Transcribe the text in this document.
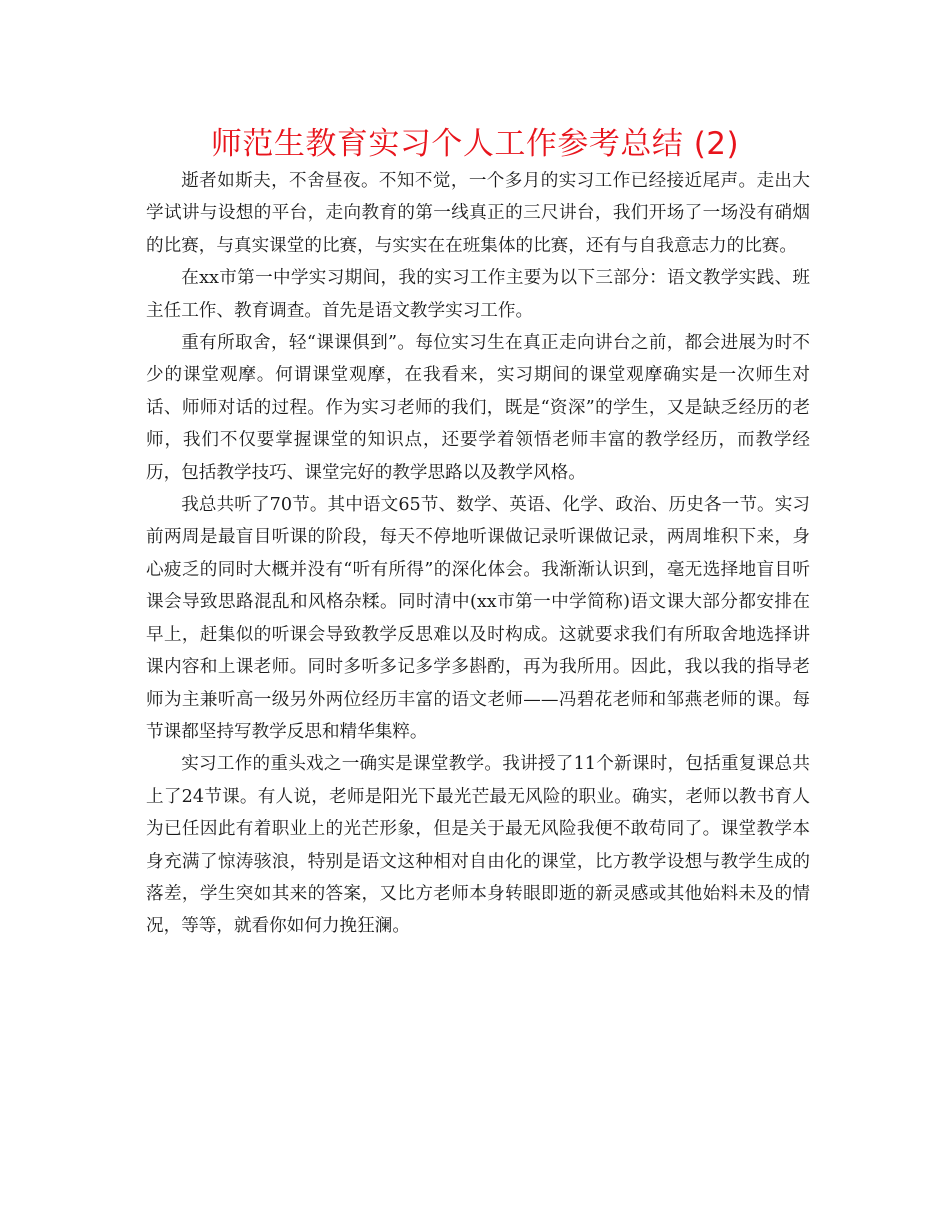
师范生教育实习个人工作参考总结 (2)

逝者如斯夫，不舍昼夜。不知不觉，一个多月的实习工作已经接近尾声。走出大学试讲与设想的平台，走向教育的第一线真正的三尺讲台，我们开场了一场没有硝烟的比赛，与真实课堂的比赛，与实实在在班集体的比赛，还有与自我意志力的比赛。

在xx市第一中学实习期间，我的实习工作主要为以下三部分：语文教学实践、班主任工作、教育调查。首先是语文教学实习工作。

重有所取舍，轻“课课俱到”。每位实习生在真正走向讲台之前，都会进展为时不少的课堂观摩。何谓课堂观摩，在我看来，实习期间的课堂观摩确实是一次师生对话、师师对话的过程。作为实习老师的我们，既是“资深”的学生，又是缺乏经历的老师，我们不仅要掌握课堂的知识点，还要学着领悟老师丰富的教学经历，而教学经历，包括教学技巧、课堂完好的教学思路以及教学风格。

我总共听了70节。其中语文65节、数学、英语、化学、政治、历史各一节。实习前两周是最盲目听课的阶段，每天不停地听课做记录听课做记录，两周堆积下来，身心疲乏的同时大概并没有“听有所得”的深化体会。我渐渐认识到，毫无选择地盲目听课会导致思路混乱和风格杂糅。同时清中(xx市第一中学简称)语文课大部分都安排在早上，赶集似的听课会导致教学反思难以及时构成。这就要求我们有所取舍地选择讲课内容和上课老师。同时多听多记多学多斟酌，再为我所用。因此，我以我的指导老师为主兼听高一级另外两位经历丰富的语文老师——冯碧花老师和邹燕老师的课。每节课都坚持写教学反思和精华集粹。

实习工作的重头戏之一确实是课堂教学。我讲授了11个新课时，包括重复课总共上了24节课。有人说，老师是阳光下最光芒最无风险的职业。确实，老师以教书育人为已任因此有着职业上的光芒形象，但是关于最无风险我便不敢苟同了。课堂教学本身充满了惊涛骇浪，特别是语文这种相对自由化的课堂，比方教学设想与教学生成的落差，学生突如其来的答案，又比方老师本身转眼即逝的新灵感或其他始料未及的情况，等等，就看你如何力挽狂澜。
